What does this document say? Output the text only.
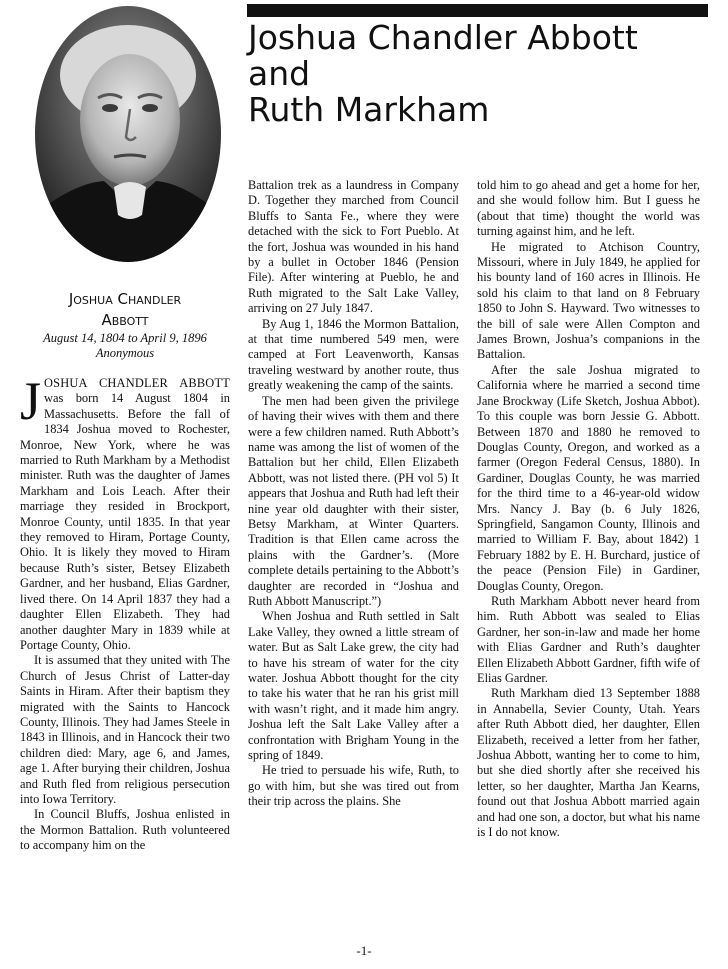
Joshua Chandler Abbott
and
Ruth Markham
Joshua Chandler
Abbott
August 14, 1804 to April 9, 1896
Anonymous

JOSHUA CHANDLER ABBOTT was born 14 August 1804 in Massachusetts. Before the fall of 1834 Joshua moved to Rochester, Monroe, New York, where he was married to Ruth Markham by a Methodist minister. Ruth was the daughter of James Markham and Lois Leach. After their marriage they resided in Brockport, Monroe County, until 1835. In that year they removed to Hiram, Portage County, Ohio. It is likely they moved to Hiram because Ruth’s sister, Betsey Elizabeth Gardner, and her husband, Elias Gardner, lived there. On 14 April 1837 they had a daughter Ellen Elizabeth. They had another daughter Mary in 1839 while at Portage County, Ohio.

It is assumed that they united with The Church of Jesus Christ of Latter-day Saints in Hiram. After their baptism they migrated with the Saints to Hancock County, Illinois. They had James Steele in 1843 in Illinois, and in Hancock their two children died: Mary, age 6, and James, age 1. After burying their children, Joshua and Ruth fled from religious persecution into Iowa Territory.

In Council Bluffs, Joshua enlisted in the Mormon Battalion. Ruth volunteered to accompany him on the

Battalion trek as a laundress in Company D. Together they marched from Council Bluffs to Santa Fe., where they were detached with the sick to Fort Pueblo. At the fort, Joshua was wounded in his hand by a bullet in October 1846 (Pension File). After wintering at Pueblo, he and Ruth migrated to the Salt Lake Valley, arriving on 27 July 1847.

By Aug 1, 1846 the Mormon Battalion, at that time numbered 549 men, were camped at Fort Leavenworth, Kansas traveling westward by another route, thus greatly weakening the camp of the saints.

The men had been given the privilege of having their wives with them and there were a few children named. Ruth Abbott’s name was among the list of women of the Battalion but her child, Ellen Elizabeth Abbott, was not listed there. (PH vol 5) It appears that Joshua and Ruth had left their nine year old daughter with their sister, Betsy Markham, at Winter Quarters. Tradition is that Ellen came across the plains with the Gardner’s. (More complete details pertaining to the Abbott’s daughter are recorded in “Joshua and Ruth Abbott Manuscript.”)

When Joshua and Ruth settled in Salt Lake Valley, they owned a little stream of water. But as Salt Lake grew, the city had to have his stream of water for the city water. Joshua Abbott thought for the city to take his water that he ran his grist mill with wasn’t right, and it made him angry. Joshua left the Salt Lake Valley after a confrontation with Brigham Young in the spring of 1849.

He tried to persuade his wife, Ruth, to go with him, but she was tired out from their trip across the plains. She

told him to go ahead and get a home for her, and she would follow him. But I guess he (about that time) thought the world was turning against him, and he left.

He migrated to Atchison Country, Missouri, where in July 1849, he applied for his bounty land of 160 acres in Illinois. He sold his claim to that land on 8 February 1850 to John S. Hayward. Two witnesses to the bill of sale were Allen Compton and James Brown, Joshua’s companions in the Battalion.

After the sale Joshua migrated to California where he married a second time Jane Brockway (Life Sketch, Joshua Abbot). To this couple was born Jessie G. Abbott. Between 1870 and 1880 he removed to Douglas County, Oregon, and worked as a farmer (Oregon Federal Census, 1880). In Gardiner, Douglas County, he was married for the third time to a 46-year-old widow Mrs. Nancy J. Bay (b. 6 July 1826, Springfield, Sangamon County, Illinois and married to William F. Bay, about 1842) 1 February 1882 by E. H. Burchard, justice of the peace (Pension File) in Gardiner, Douglas County, Oregon.

Ruth Markham Abbott never heard from him. Ruth Abbott was sealed to Elias Gardner, her son-in-law and made her home with Elias Gardner and Ruth’s daughter Ellen Elizabeth Abbott Gardner, fifth wife of Elias Gardner.

Ruth Markham died 13 September 1888 in Annabella, Sevier County, Utah. Years after Ruth Abbott died, her daughter, Ellen Elizabeth, received a letter from her father, Joshua Abbott, wanting her to come to him, but she died shortly after she received his letter, so her daughter, Martha Jan Kearns, found out that Joshua Abbott married again and had one son, a doctor, but what his name is I do not know.

-1-
